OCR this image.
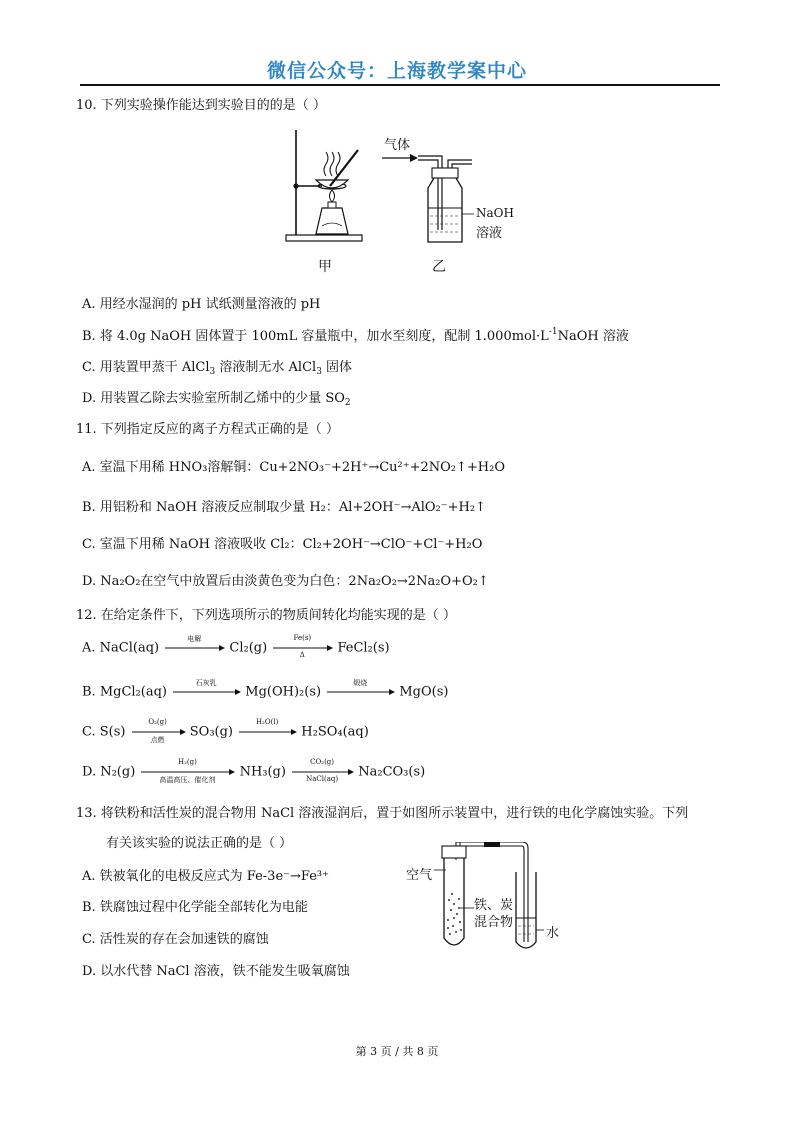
微信公众号：上海教学案中心
10. 下列实验操作能达到实验目的的是（ ）
甲
气体
NaOH
溶液
乙
A. 用经水湿润的 pH 试纸测量溶液的 pH
B. 将 4.0g NaOH 固体置于 100mL 容量瓶中，加水至刻度，配制 $1.000mol\cdot L^{-1}NaOH$ 溶液
C. 用装置甲蒸干 AlCl$_3$ 溶液制无水 AlCl$_3$ 固体
D. 用装置乙除去实验室所制乙烯中的少量 $SO_2$
11. 下列指定反应的离子方程式正确的是（ ）
A. 室温下用稀 HNO₃溶解铜：Cu+2NO₃⁻+2H⁺→Cu²⁺+2NO₂↑+H₂O
B. 用铝粉和 NaOH 溶液反应制取少量 H₂：Al+2OH⁻→AlO₂⁻+H₂↑
C. 室温下用稀 NaOH 溶液吸收 Cl₂：Cl₂+2OH⁻→ClO⁻+Cl⁻+H₂O
D. Na₂O₂在空气中放置后由淡黄色变为白色：2Na₂O₂→2Na₂O+O₂↑
12. 在给定条件下，下列选项所示的物质间转化均能实现的是（ ）
A. NaCl(aq)
电解
Cl₂(g)
Fe(s)
Δ	FeCl₂(s)
B. MgCl₂(aq)
石灰乳
Mg(OH)₂(s)
煅烧
MgO(s)
C. S(s)
O₂(g)
点燃
SO₃(g)
H₂O(l)
H₂SO₄(aq)
D. N₂(g)
H₂(g)
高温高压、催化剂
NH₃(g)
CO₂(g)
NaCl(aq)	Na₂CO₃(s)
13. 将铁粉和活性炭的混合物用 NaCl 溶液湿润后，置于如图所示装置中，进行铁的电化学腐蚀实验。下列
有关该实验的说法正确的是（ ）
A. 铁被氧化的电极反应式为 Fe-3e⁻→Fe³⁺
B. 铁腐蚀过程中化学能全部转化为电能
C. 活性炭的存在会加速铁的腐蚀
D. 以水代替 NaCl 溶液，铁不能发生吸氧腐蚀
空气
铁、炭
混合物
水
第 3 页 / 共 8 页
